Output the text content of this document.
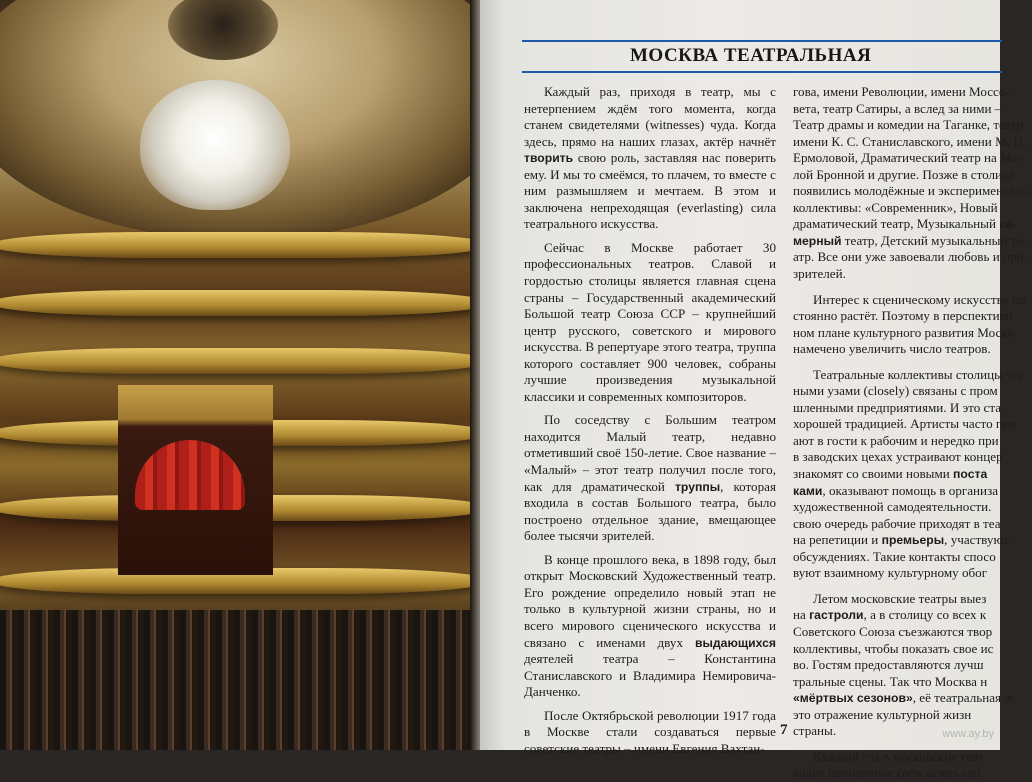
МОСКВА ТЕАТРАЛЬНАЯ

Каждый раз, приходя в театр, мы с нетерпением ждём того момента, когда станем свидетелями (witnesses) чуда. Когда здесь, прямо на наших глазах, актёр начнёт творить свою роль, заставляя нас поверить ему. И мы то смеёмся, то плачем, то вместе с ним размышляем и мечтаем. В этом и заключена непреходящая (everlasting) сила театрального искусства.

Сейчас в Москве работает 30 профессиональных театров. Славой и гордостью столицы является главная сцена страны – Государственный академический Большой театр Союза ССР – крупнейший центр русского, советского и мирового искусства. В репертуаре этого театра, труппа которого составляет 900 человек, собраны лучшие произведения музыкальной классики и современных композиторов.

По соседству с Большим театром находится Малый театр, недавно отметивший своё 150-летие. Свое название – «Малый» – этот театр получил после того, как для драматической труппы, которая входила в состав Большого театра, было построено отдельное здание, вмещающее более тысячи зрителей.

В конце прошлого века, в 1898 году, был открыт Московский Художественный театр. Его рождение определило новый этап не только в культурной жизни страны, но и всего мирового сценического искусства и связано с именами двух выдающихся деятелей театра – Константина Станиславского и Владимира Немировича-Данченко.

После Октябрьской революции 1917 года в Москве стали создаваться первые советские театры – имени Евгения Вахтан-

гова, имени Революции, имени Моссо-
вета, театр Сатиры, а вслед за ними –
Театр драмы и комедии на Таганке, театр
имени К. С. Станиславского, имени М. Н.
Ермоловой, Драматический театр на Ма-
лой Бронной и другие. Позже в столице
появились молодёжные и эксперименталь-
коллективы: «Современник», Новый
драматический театр, Музыкальный ка-
мерный театр, Детский музыкальный те-
атр. Все они уже завоевали любовь и при-
зрителей.
Интерес к сценическому искусству по
стоянно растёт. Поэтому в перспективн
ном плане культурного развития Москв
намечено увеличить число театров.
Театральные коллективы столицы тес
ными узами (closely) связаны с пром
шленными предприятиями. И это ста
хорошей традицией. Артисты часто при
ают в гости к рабочим и нередко при
в заводских цехах устраивают концер
знакомят со своими новыми поста
ками, оказывают помощь в организа
художественной самодеятельности.
свою очередь рабочие приходят в теа
на репетиции и премьеры, участвуют
обсуждениях. Такие контакты спосо
вуют взаимному культурному обог
Летом московские театры выез
на гастроли, а в столицу со всех к
Советского Союза съезжаются твор
коллективы, чтобы показать свое ис
во. Гостям предоставляются лучш
тральные сцены. Так что Москва н
«мёртвых сезонов», её театральная ж
это отражение культурной жизн
страны.
Каждый год в московские теат
ходит пополнение (new actors and
7	www.ay.by
